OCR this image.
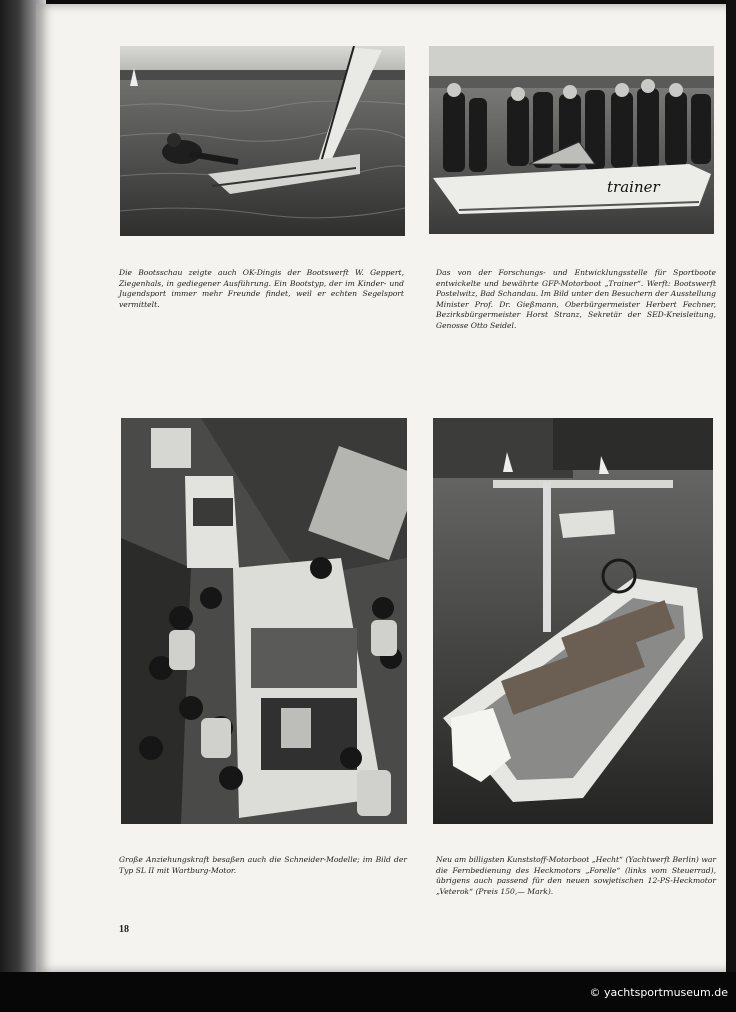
trainer

Die Bootsschau zeigte auch OK-Dingis der Bootswerft W. Geppert, Ziegenhals, in gediegener Ausführung. Ein Bootstyp, der im Kinder- und Jugendsport immer mehr Freunde findet, weil er echten Segelsport vermittelt.

Das von der Forschungs- und Entwicklungsstelle für Sportboote entwickelte und bewährte GFP-Motorboot „Trainer“. Werft: Bootswerft Postelwitz, Bad Schandau. Im Bild unter den Besuchern der Ausstellung Minister Prof. Dr. Gießmann, Oberbürgermeister Herbert Fechner, Bezirksbürgermeister Horst Stranz, Sekretär der SED-Kreisleitung, Genosse Otto Seidel.

Große Anziehungskraft besaßen auch die Schneider-Modelle; im Bild der Typ SL II mit Wartburg-Motor.

Neu am billigsten Kunststoff-Motorboot „Hecht“ (Yachtwerft Berlin) war die Fernbedienung des Heckmotors „Forelle“ (links vom Steuerrad), übrigens auch passend für den neuen sowjetischen 12-PS-Heckmotor „Veterok“ (Preis 150,— Mark).

18
© yachtsportmuseum.de
